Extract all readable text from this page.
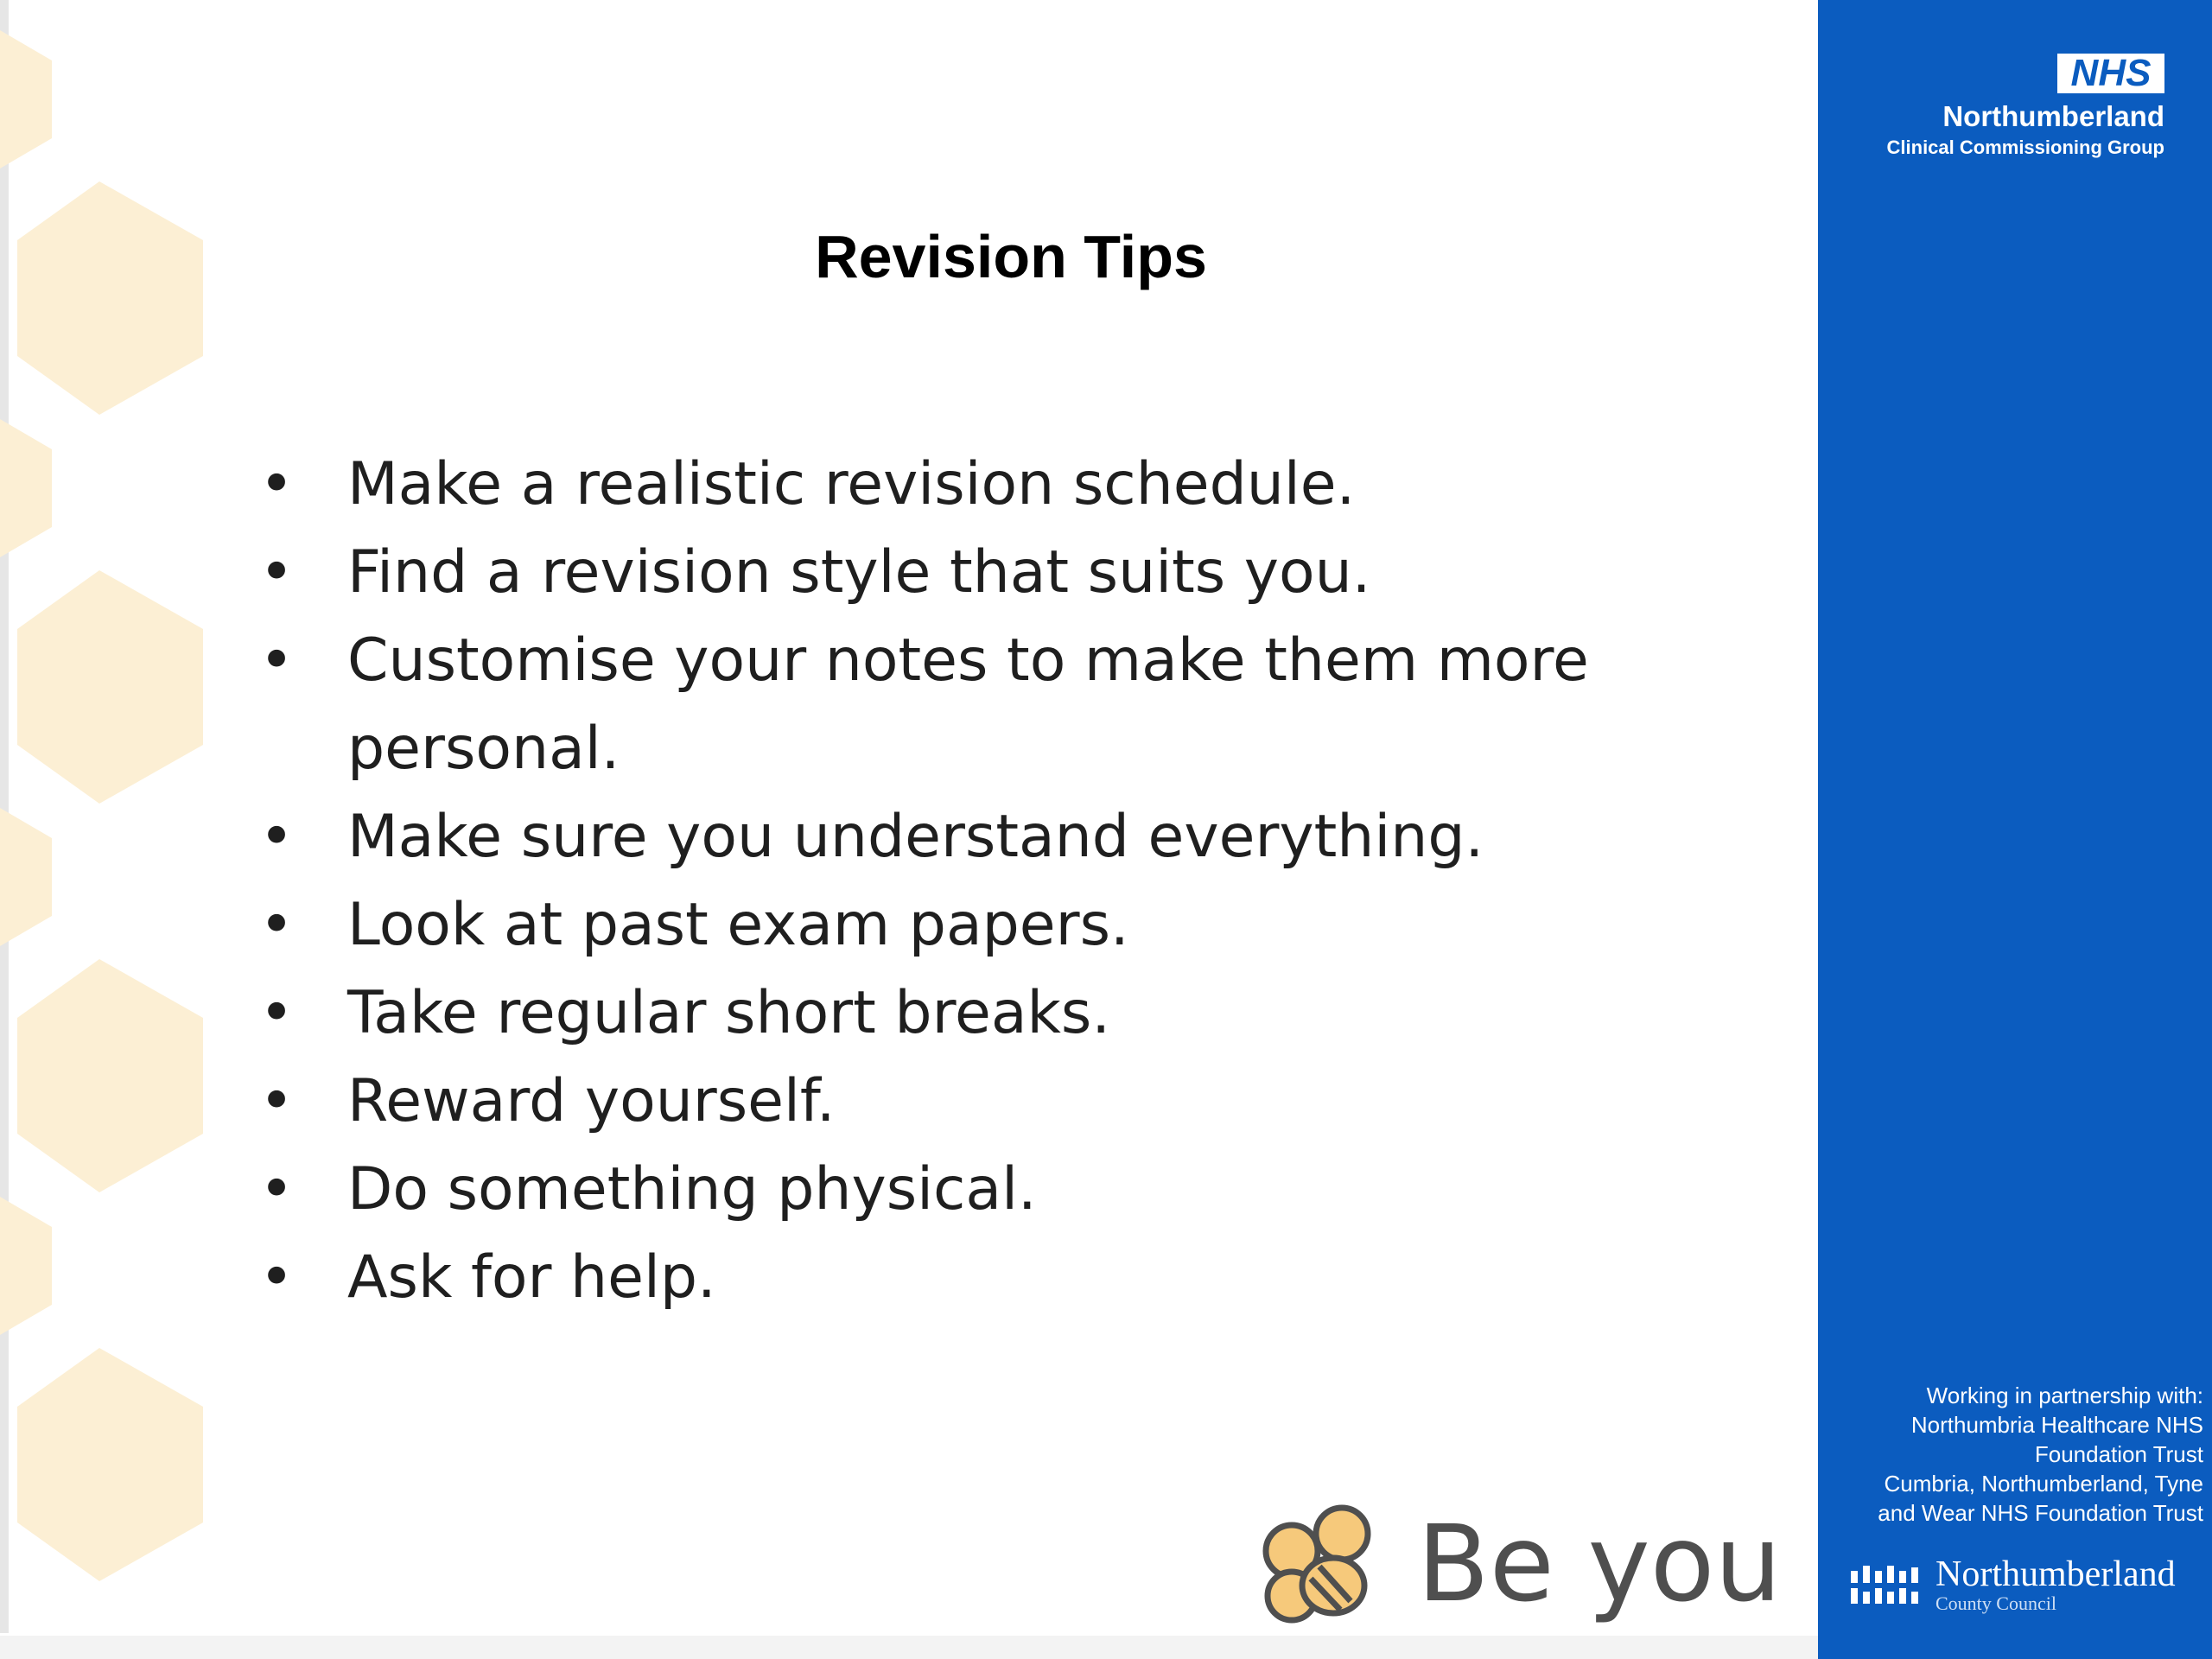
Revision Tips
• Make a realistic revision schedule.
• Find a revision style that suits you.
• Customise your notes to make them more personal.
• Make sure you understand everything.
• Look at past exam papers.
• Take regular short breaks.
• Reward yourself.
• Do something physical.
• Ask for help.
NHS
Northumberland
Clinical Commissioning Group
Working in partnership with:
Northumbria Healthcare NHS
Foundation Trust
Cumbria, Northumberland, Tyne
and Wear NHS Foundation Trust
Northumberland
County Council
Be you
